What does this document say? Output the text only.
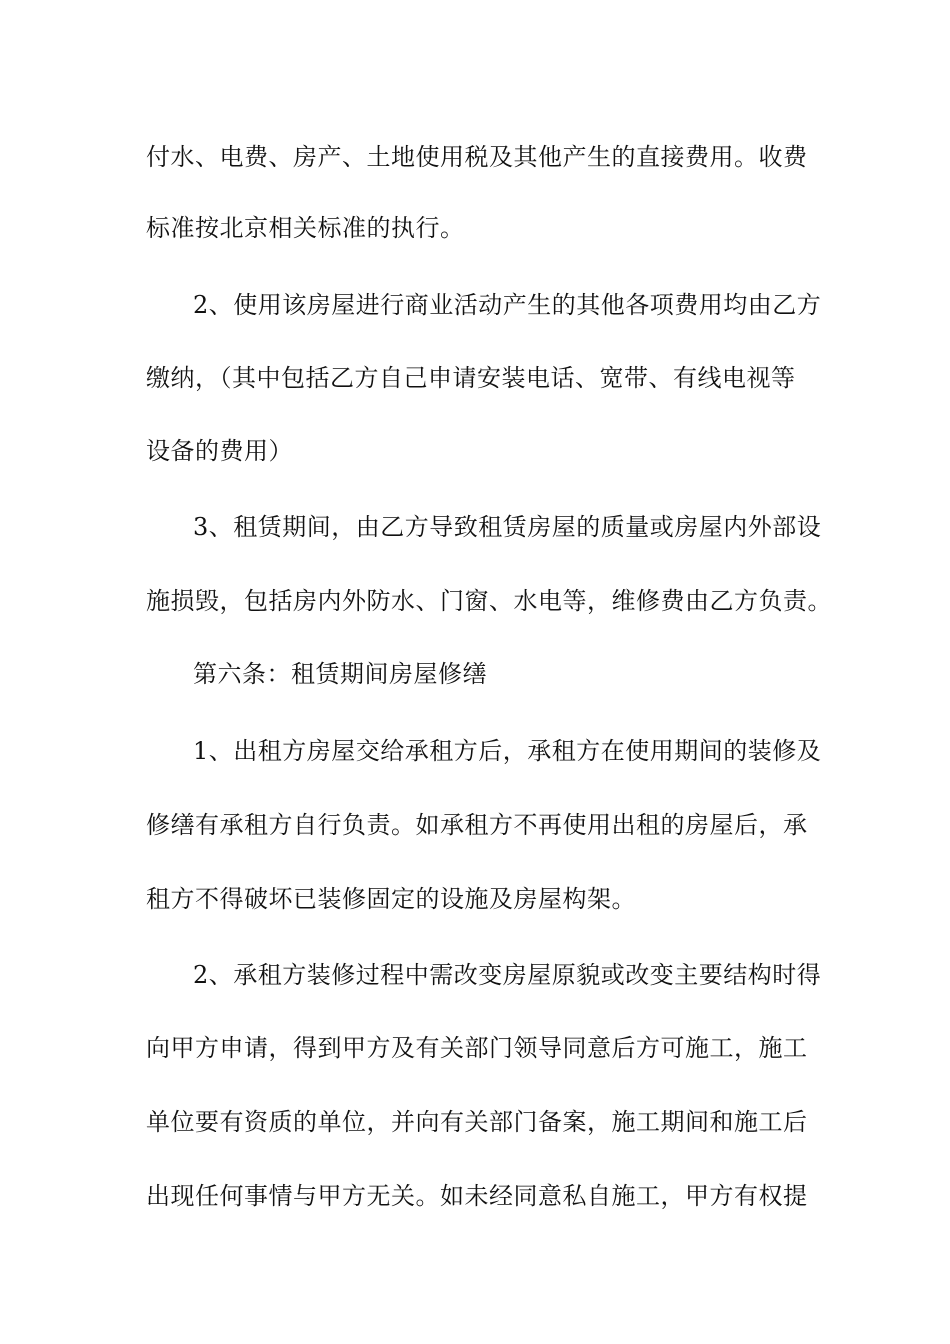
付水、电费、房产、土地使用税及其他产生的直接费用。收费
标准按北京相关标准的执行。
2、使用该房屋进行商业活动产生的其他各项费用均由乙方
缴纳，（其中包括乙方自己申请安装电话、宽带、有线电视等
设备的费用）
3、租赁期间，由乙方导致租赁房屋的质量或房屋内外部设
施损毁，包括房内外防水、门窗、水电等，维修费由乙方负责。
第六条：租赁期间房屋修缮
1、出租方房屋交给承租方后，承租方在使用期间的装修及
修缮有承租方自行负责。如承租方不再使用出租的房屋后，承
租方不得破坏已装修固定的设施及房屋构架。
2、承租方装修过程中需改变房屋原貌或改变主要结构时得
向甲方申请，得到甲方及有关部门领导同意后方可施工，施工
单位要有资质的单位，并向有关部门备案，施工期间和施工后
出现任何事情与甲方无关。如未经同意私自施工，甲方有权提
